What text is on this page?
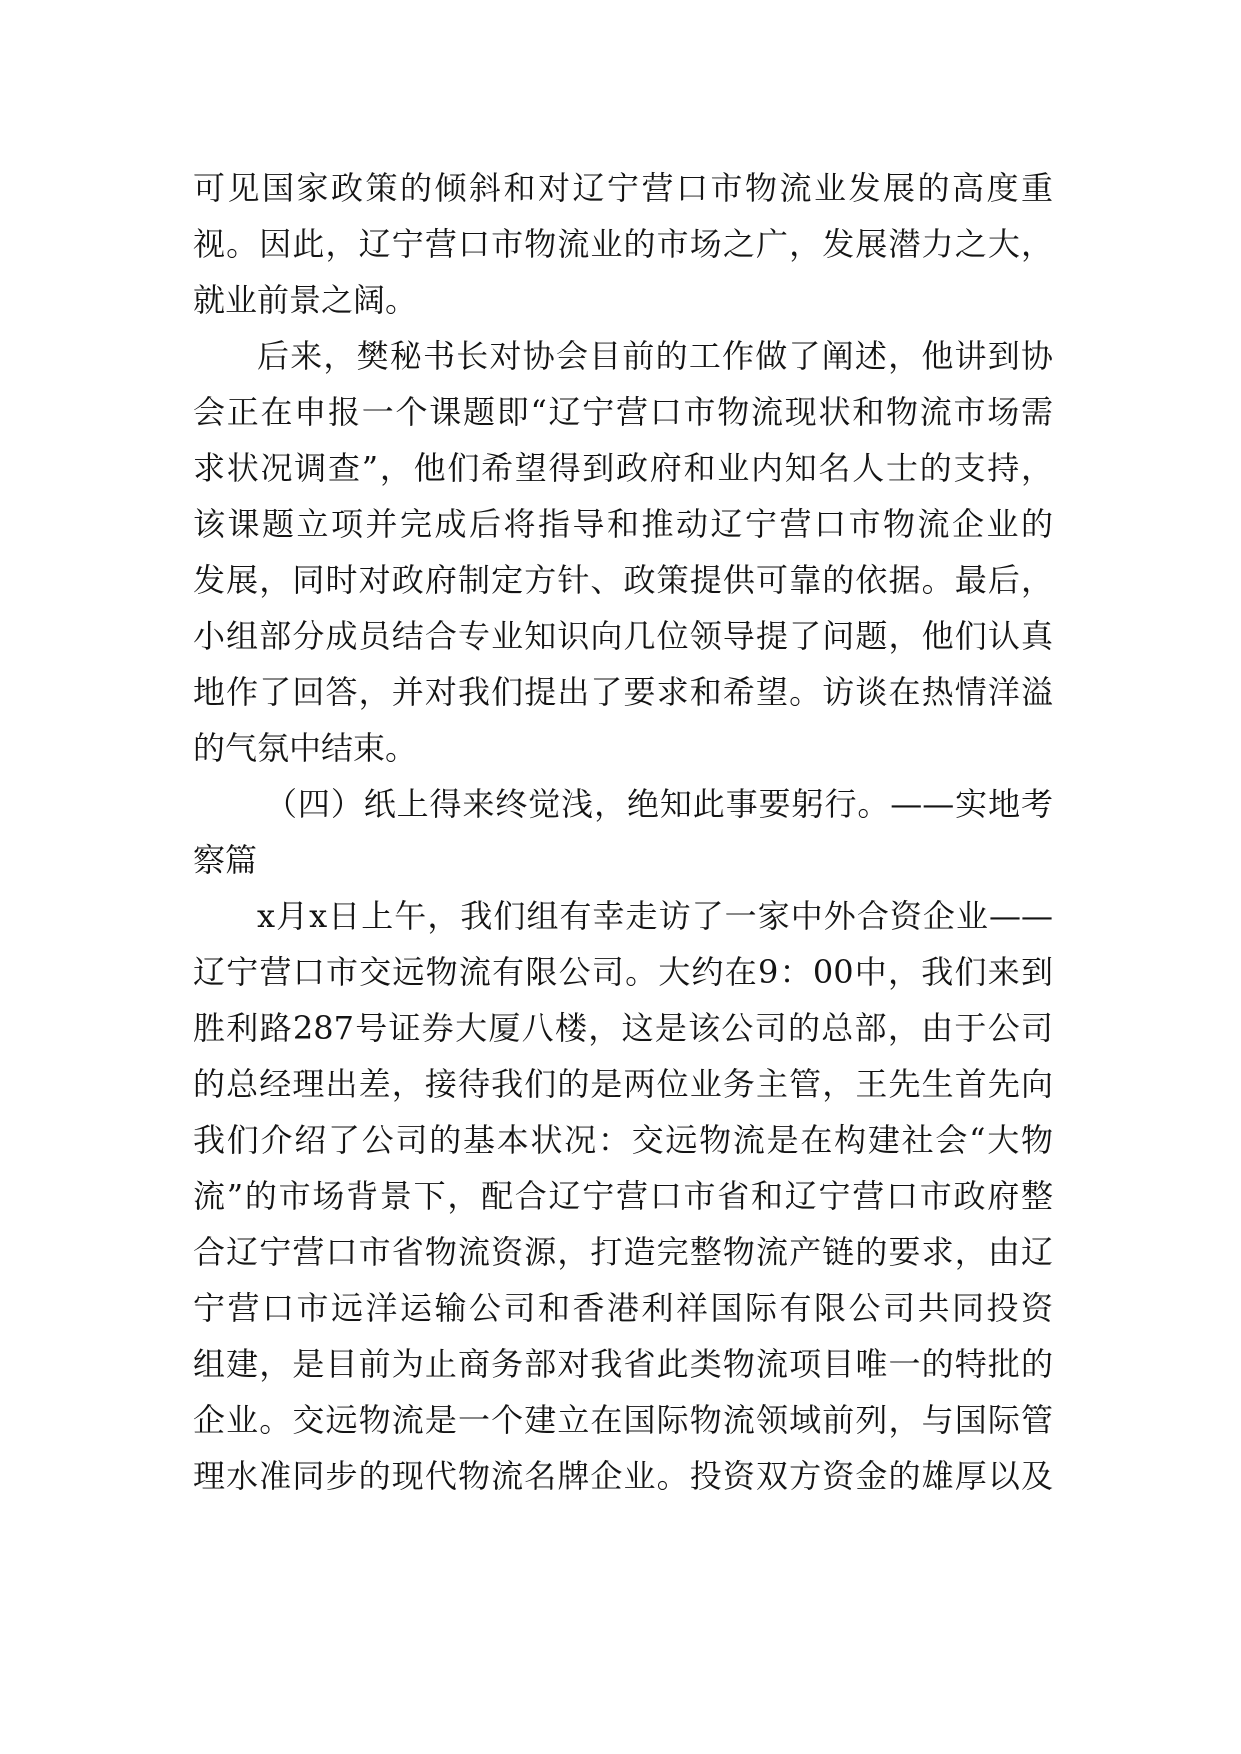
可见国家政策的倾斜和对辽宁营口市物流业发展的高度重
视。因此，辽宁营口市物流业的市场之广，发展潜力之大，
就业前景之阔。
后来，樊秘书长对协会目前的工作做了阐述，他讲到协
会正在申报一个课题即“辽宁营口市物流现状和物流市场需
求状况调查”，他们希望得到政府和业内知名人士的支持，
该课题立项并完成后将指导和推动辽宁营口市物流企业的
发展，同时对政府制定方针、政策提供可靠的依据。最后，
小组部分成员结合专业知识向几位领导提了问题，他们认真
地作了回答，并对我们提出了要求和希望。访谈在热情洋溢
的气氛中结束。
（四）纸上得来终觉浅，绝知此事要躬行。——实地考
察篇
x月x日上午，我们组有幸走访了一家中外合资企业——
辽宁营口市交远物流有限公司。大约在9：00中，我们来到
胜利路287号证券大厦八楼，这是该公司的总部，由于公司
的总经理出差，接待我们的是两位业务主管，王先生首先向
我们介绍了公司的基本状况：交远物流是在构建社会“大物
流”的市场背景下，配合辽宁营口市省和辽宁营口市政府整
合辽宁营口市省物流资源，打造完整物流产链的要求，由辽
宁营口市远洋运输公司和香港利祥国际有限公司共同投资
组建，是目前为止商务部对我省此类物流项目唯一的特批的
企业。交远物流是一个建立在国际物流领域前列，与国际管
理水准同步的现代物流名牌企业。投资双方资金的雄厚以及
